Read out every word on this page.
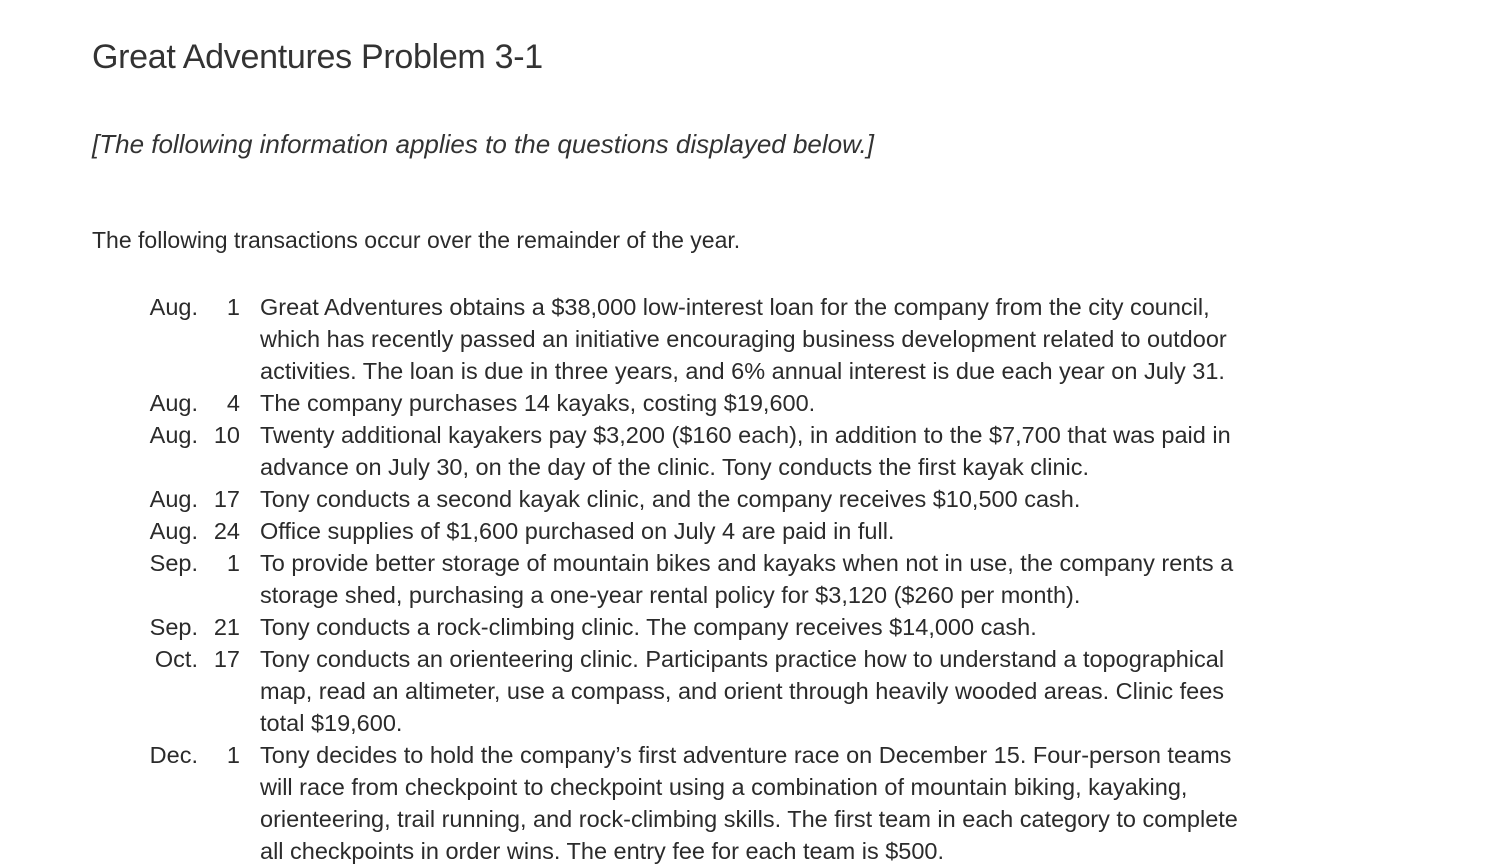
Great Adventures Problem 3-1

[The following information applies to the questions displayed below.]

The following transactions occur over the remainder of the year.

Aug.	1	Great Adventures obtains a $38,000 low-interest loan for the company from the city council,
which has recently passed an initiative encouraging business development related to outdoor
activities. The loan is due in three years, and 6% annual interest is due each year on July 31.

Aug.	4	The company purchases 14 kayaks, costing $19,600.

Aug.	10	Twenty additional kayakers pay $3,200 ($160 each), in addition to the $7,700 that was paid in
advance on July 30, on the day of the clinic. Tony conducts the first kayak clinic.

Aug.	17	Tony conducts a second kayak clinic, and the company receives $10,500 cash.

Aug.	24	Office supplies of $1,600 purchased on July 4 are paid in full.

Sep.	1	To provide better storage of mountain bikes and kayaks when not in use, the company rents a
storage shed, purchasing a one-year rental policy for $3,120 ($260 per month).

Sep.	21	Tony conducts a rock-climbing clinic. The company receives $14,000 cash.

Oct.	17	Tony conducts an orienteering clinic. Participants practice how to understand a topographical
map, read an altimeter, use a compass, and orient through heavily wooded areas. Clinic fees
total $19,600.

Dec.	1	Tony decides to hold the company’s first adventure race on December 15. Four-person teams
will race from checkpoint to checkpoint using a combination of mountain biking, kayaking,
orienteering, trail running, and rock-climbing skills. The first team in each category to complete
all checkpoints in order wins. The entry fee for each team is $500.
